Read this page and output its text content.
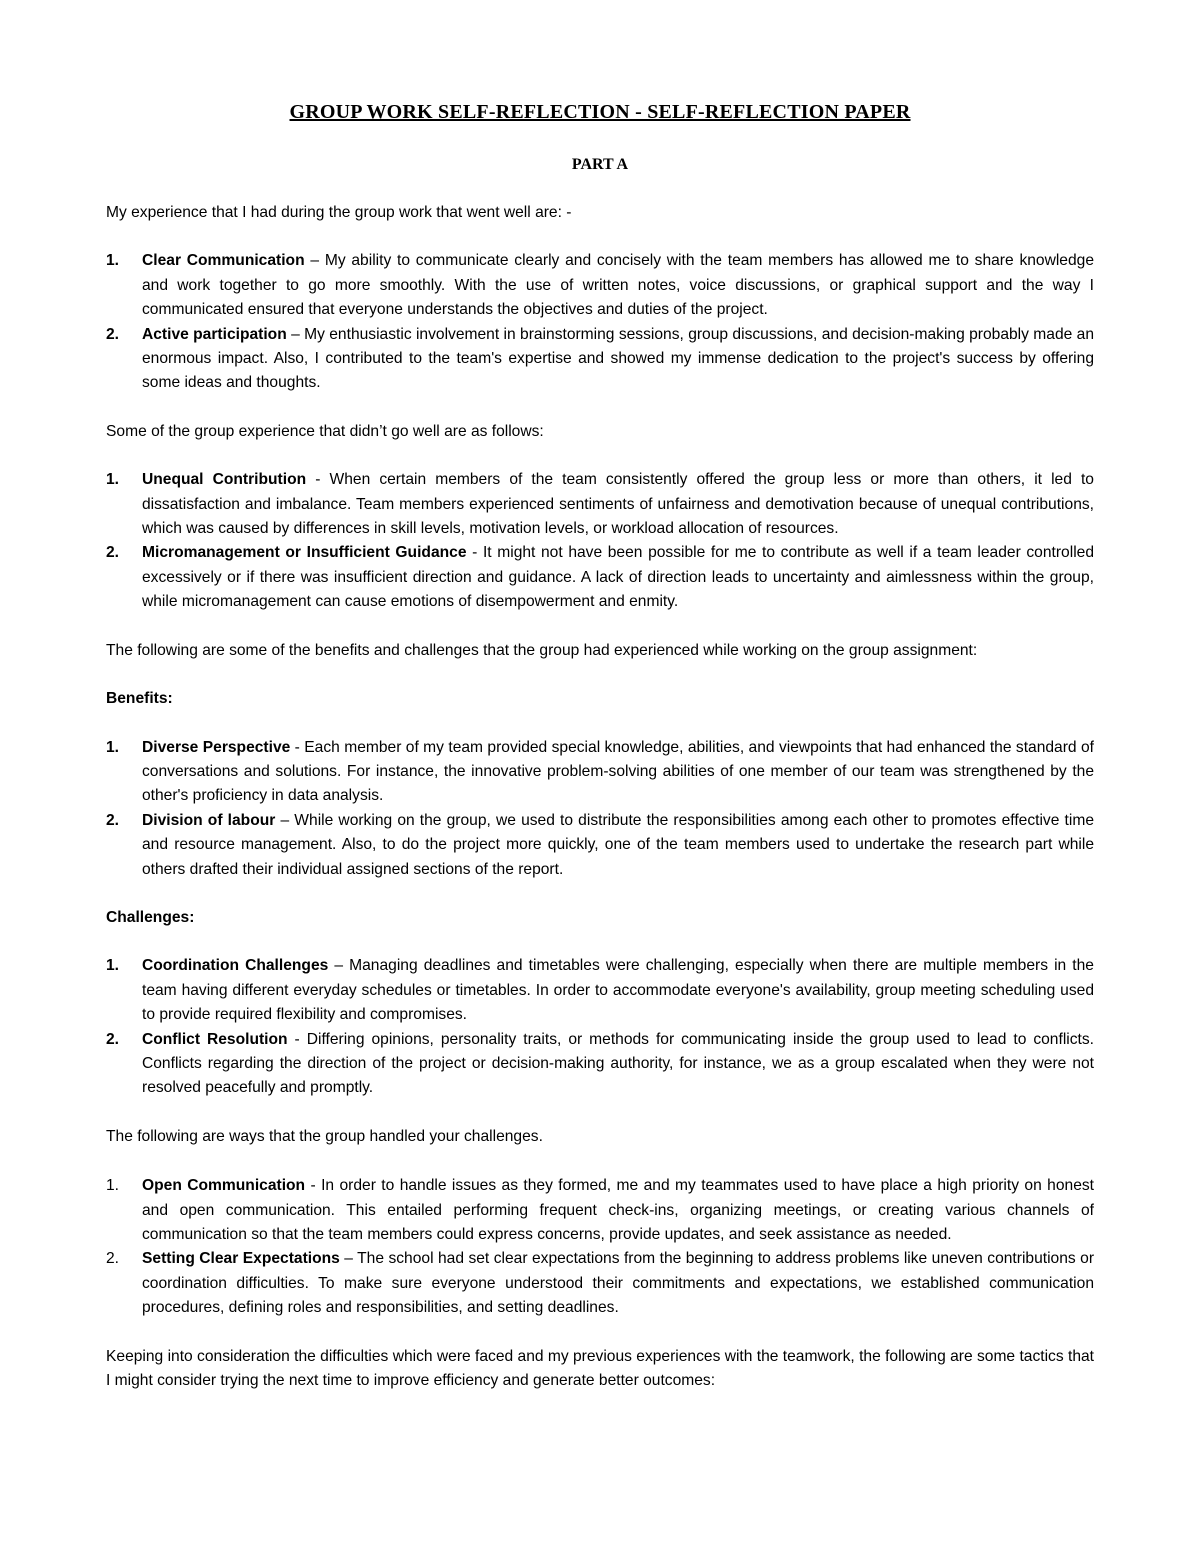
GROUP WORK SELF-REFLECTION - SELF-REFLECTION PAPER
PART A

My experience that I had during the group work that went well are: -

1. Clear Communication – My ability to communicate clearly and concisely with the team members has allowed me to share knowledge and work together to go more smoothly. With the use of written notes, voice discussions, or graphical support and the way I communicated ensured that everyone understands the objectives and duties of the project.
2. Active participation – My enthusiastic involvement in brainstorming sessions, group discussions, and decision-making probably made an enormous impact. Also, I contributed to the team's expertise and showed my immense dedication to the project's success by offering some ideas and thoughts.

Some of the group experience that didn’t go well are as follows:

1. Unequal Contribution - When certain members of the team consistently offered the group less or more than others, it led to dissatisfaction and imbalance. Team members experienced sentiments of unfairness and demotivation because of unequal contributions, which was caused by differences in skill levels, motivation levels, or workload allocation of resources.
2. Micromanagement or Insufficient Guidance - It might not have been possible for me to contribute as well if a team leader controlled excessively or if there was insufficient direction and guidance. A lack of direction leads to uncertainty and aimlessness within the group, while micromanagement can cause emotions of disempowerment and enmity.

The following are some of the benefits and challenges that the group had experienced while working on the group assignment:

Benefits:

1. Diverse Perspective - Each member of my team provided special knowledge, abilities, and viewpoints that had enhanced the standard of conversations and solutions. For instance, the innovative problem-solving abilities of one member of our team was strengthened by the other's proficiency in data analysis.
2. Division of labour – While working on the group, we used to distribute the responsibilities among each other to promotes effective time and resource management. Also, to do the project more quickly, one of the team members used to undertake the research part while others drafted their individual assigned sections of the report.

Challenges:

1. Coordination Challenges – Managing deadlines and timetables were challenging, especially when there are multiple members in the team having different everyday schedules or timetables. In order to accommodate everyone's availability, group meeting scheduling used to provide required flexibility and compromises.
2. Conflict Resolution - Differing opinions, personality traits, or methods for communicating inside the group used to lead to conflicts. Conflicts regarding the direction of the project or decision-making authority, for instance, we as a group escalated when they were not resolved peacefully and promptly.

The following are ways that the group handled your challenges.

1. Open Communication - In order to handle issues as they formed, me and my teammates used to have place a high priority on honest and open communication. This entailed performing frequent check-ins, organizing meetings, or creating various channels of communication so that the team members could express concerns, provide updates, and seek assistance as needed.
2. Setting Clear Expectations – The school had set clear expectations from the beginning to address problems like uneven contributions or coordination difficulties. To make sure everyone understood their commitments and expectations, we established communication procedures, defining roles and responsibilities, and setting deadlines.

Keeping into consideration the difficulties which were faced and my previous experiences with the teamwork, the following are some tactics that I might consider trying the next time to improve efficiency and generate better outcomes:
